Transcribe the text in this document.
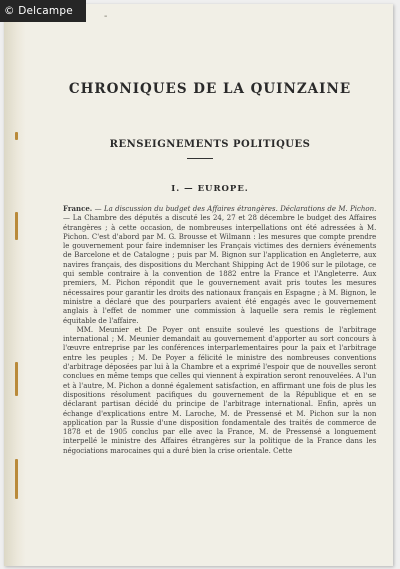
© Delcampe	-
CHRONIQUES DE LA QUINZAINE
RENSEIGNEMENTS POLITIQUES
I. — EUROPE.

France. — La discussion du budget des Affaires étrangères. Déclarations de M. Pichon. — La Chambre des députés a discuté les 24, 27 et 28 décembre le budget des Affaires étrangères ; à cette occasion, de nombreuses interpellations ont été adressées à M. Pichon. C'est d'abord par M. G. Brousse et Wilmann : les mesures que compte prendre le gouvernement pour faire indemniser les Français victimes des derniers événements de Barcelone et de Catalogne ; puis par M. Bignon sur l'application en Angleterre, aux navires français, des dispositions du Merchant Shipping Act de 1906 sur le pilotage, ce qui semble contraire à la convention de 1882 entre la France et l'Angleterre. Aux premiers, M. Pichon répondit que le gouvernement avait pris toutes les mesures nécessaires pour garantir les droits des nationaux français en Espagne ; à M. Bignon, le ministre a déclaré que des pourparlers avaient été engagés avec le gouvernement anglais à l'effet de nommer une commission à laquelle sera remis le règlement équitable de l'affaire.

MM. Meunier et De Poyer ont ensuite soulevé les questions de l'arbitrage international ; M. Meunier demandait au gouvernement d'apporter au sort concours à l'œuvre entreprise par les conférences interparlementaires pour la paix et l'arbitrage entre les peuples ; M. De Poyer a félicité le ministre des nombreuses conventions d'arbitrage déposées par lui à la Chambre et a exprimé l'espoir que de nouvelles seront conclues en même temps que celles qui viennent à expiration seront renouvelées. A l'un et à l'autre, M. Pichon a donné également satisfaction, en affirmant une fois de plus les dispositions résolument pacifiques du gouvernement de la République et en se déclarant partisan décidé du principe de l'arbitrage international. Enfin, après un échange d'explications entre M. Laroche, M. de Pressensé et M. Pichon sur la non application par la Russie d'une disposition fondamentale des traités de commerce de 1878 et de 1905 conclus par elle avec la France, M. de Pressensé a longuement interpellé le ministre des Affaires étrangères sur la politique de la France dans les négociations marocaines qui a duré bien la crise orientale. Cette
